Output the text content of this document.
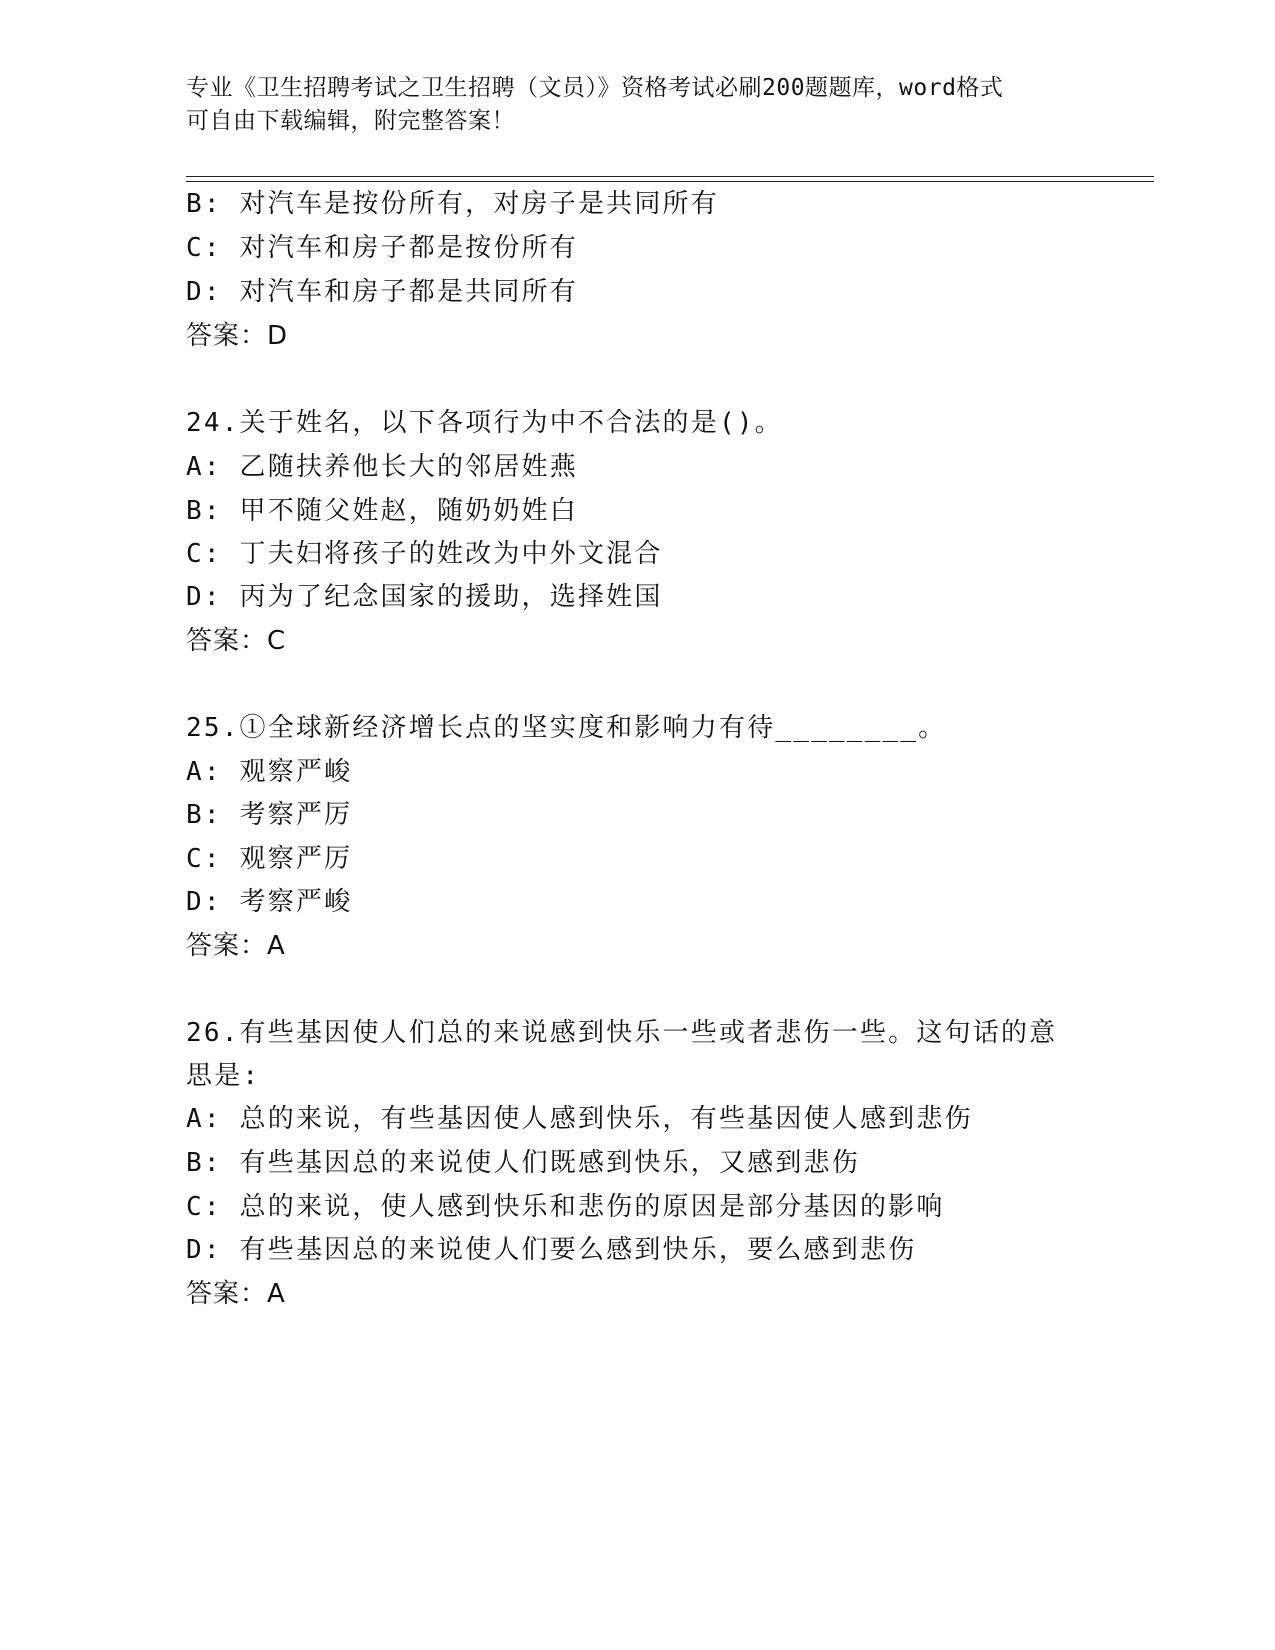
专业《卫生招聘考试之卫生招聘（文员）》资格考试必刷200题题库，word格式
可自由下载编辑，附完整答案！
B: 对汽车是按份所有，对房子是共同所有
C: 对汽车和房子都是按份所有
D: 对汽车和房子都是共同所有
答案：D
24.关于姓名，以下各项行为中不合法的是()。
A: 乙随扶养他长大的邻居姓燕
B: 甲不随父姓赵，随奶奶姓白
C: 丁夫妇将孩子的姓改为中外文混合
D: 丙为了纪念国家的援助，选择姓国
答案：C
25.①全球新经济增长点的坚实度和影响力有待________。
A: 观察严峻
B: 考察严厉
C: 观察严厉
D: 考察严峻
答案：A
26.有些基因使人们总的来说感到快乐一些或者悲伤一些。这句话的意
思是:
A: 总的来说，有些基因使人感到快乐，有些基因使人感到悲伤
B: 有些基因总的来说使人们既感到快乐，又感到悲伤
C: 总的来说，使人感到快乐和悲伤的原因是部分基因的影响
D: 有些基因总的来说使人们要么感到快乐，要么感到悲伤
答案：A
